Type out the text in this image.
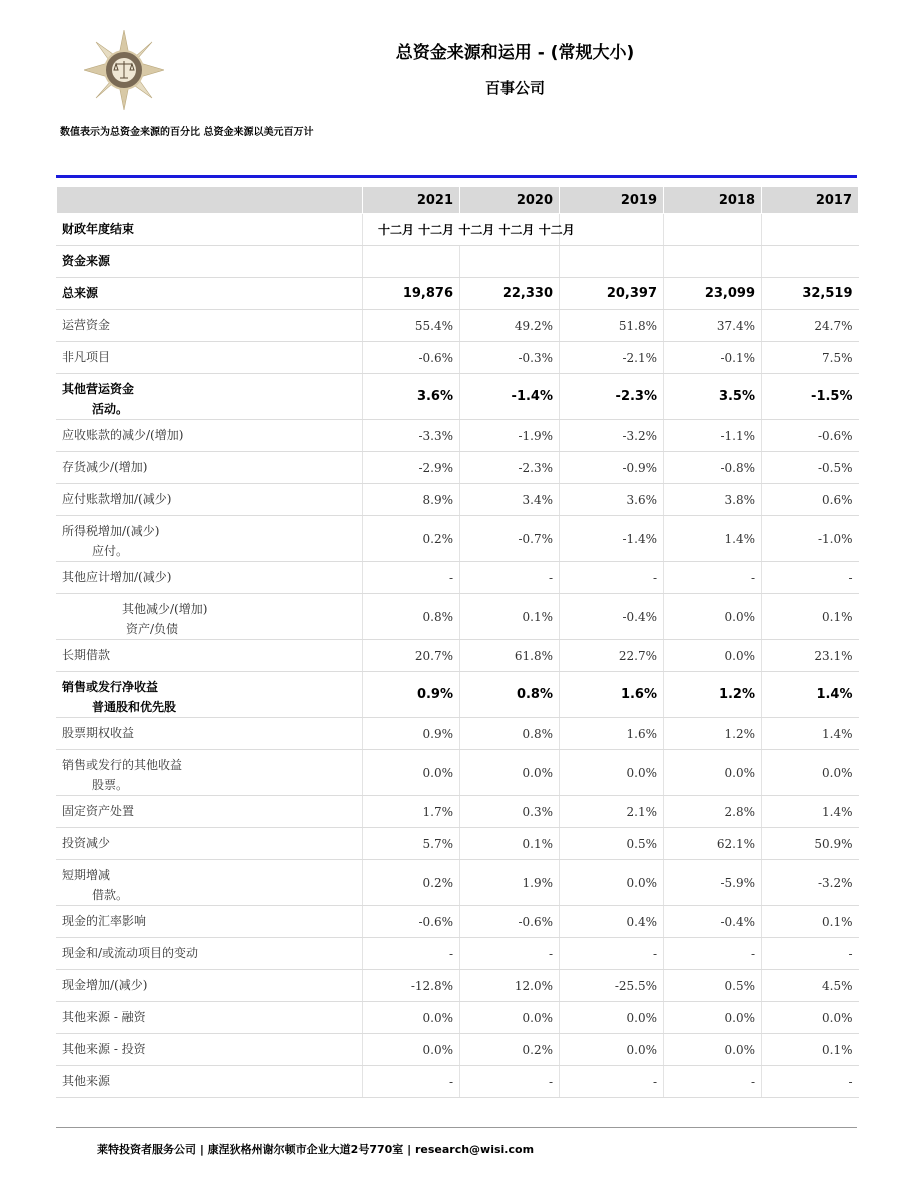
总资金来源和运用 - (常规大小)
百事公司
数值表示为总资金来源的百分比 总资金来源以美元百万计
	2021	2020	2019	2018	2017
财政年度结束	十二月 十二月 十二月 十二月 十二月				
资金来源					
总来源	19,876	22,330	20,397	23,099	32,519
运营资金	55.4%	49.2%	51.8%	37.4%	24.7%
非凡项目	-0.6%	-0.3%	-2.1%	-0.1%	7.5%
其他营运资金
活动。	3.6%	-1.4%	-2.3%	3.5%	-1.5%
应收账款的减少/(增加)	-3.3%	-1.9%	-3.2%	-1.1%	-0.6%
存货减少/(增加)	-2.9%	-2.3%	-0.9%	-0.8%	-0.5%
应付账款增加/(减少)	8.9%	3.4%	3.6%	3.8%	0.6%
所得税增加/(减少)
应付。	0.2%	-0.7%	-1.4%	1.4%	-1.0%
其他应计增加/(减少)	-	-	-	-	-

其他减少/(增加)
资产/负债	0.8%	0.1%	-0.4%	0.0%	0.1%
长期借款	20.7%	61.8%	22.7%	0.0%	23.1%
销售或发行净收益
普通股和优先股	0.9%	0.8%	1.6%	1.2%	1.4%
股票期权收益	0.9%	0.8%	1.6%	1.2%	1.4%
销售或发行的其他收益
股票。	0.0%	0.0%	0.0%	0.0%	0.0%
固定资产处置	1.7%	0.3%	2.1%	2.8%	1.4%
投资减少	5.7%	0.1%	0.5%	62.1%	50.9%
短期增减
借款。	0.2%	1.9%	0.0%	-5.9%	-3.2%
现金的汇率影响	-0.6%	-0.6%	0.4%	-0.4%	0.1%
现金和/或流动项目的变动	-	-	-	-	-
现金增加/(减少)	-12.8%	12.0%	-25.5%	0.5%	4.5%
其他来源 - 融资	0.0%	0.0%	0.0%	0.0%	0.0%
其他来源 - 投资	0.0%	0.2%	0.0%	0.0%	0.1%
其他来源	-	-	-	-	-
莱特投资者服务公司 | 康涅狄格州谢尔顿市企业大道2号770室 | research@wisi.com
